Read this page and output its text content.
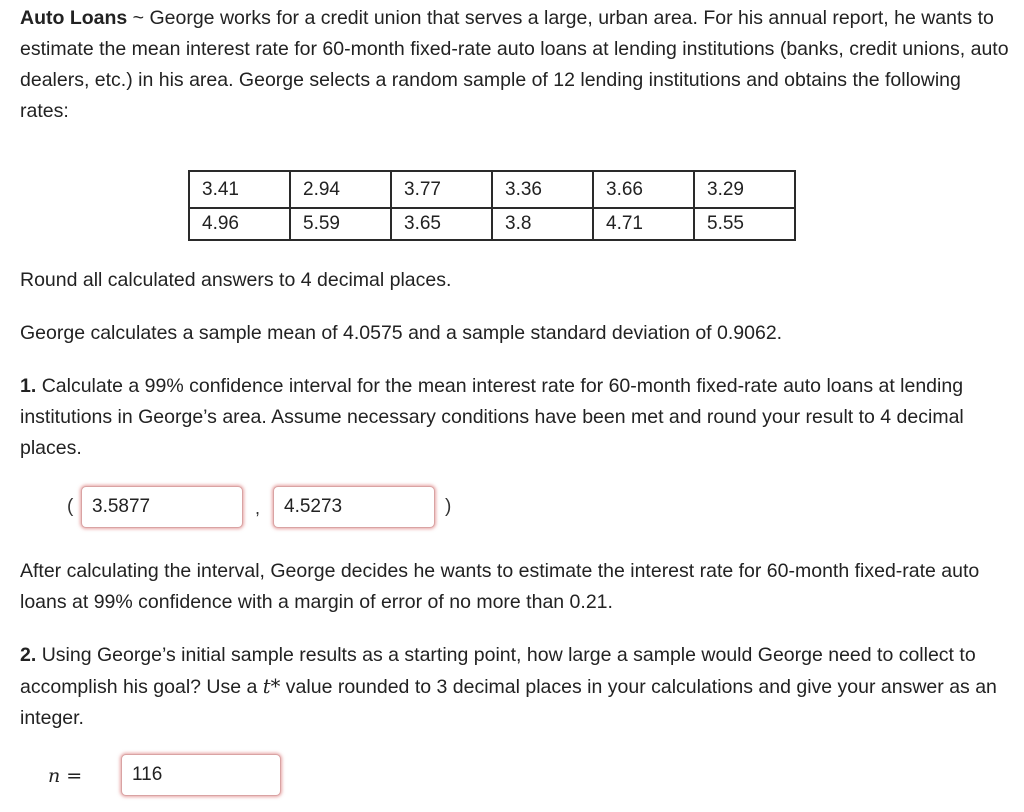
Auto Loans ~ George works for a credit union that serves a large, urban area. For his annual report, he wants to estimate the mean interest rate for 60-month fixed-rate auto loans at lending institutions (banks, credit unions, auto dealers, etc.) in his area. George selects a random sample of 12 lending institutions and obtains the following rates:

3.41	2.94	3.77	3.36	3.66	3.29
4.96	5.59	3.65	3.8	4.71	5.55

Round all calculated answers to 4 decimal places.

George calculates a sample mean of 4.0575 and a sample standard deviation of 0.9062.

1. Calculate a 99% confidence interval for the mean interest rate for 60-month fixed-rate auto loans at lending institutions in George’s area. Assume necessary conditions have been met and round your result to 4 decimal places.

After calculating the interval, George decides he wants to estimate the interest rate for 60-month fixed-rate auto loans at 99% confidence with a margin of error of no more than 0.21.

2. Using George’s initial sample results as a starting point, how large a sample would George need to collect to accomplish his goal? Use a t* value rounded to 3 decimal places in your calculations and give your answer as an integer.

( 3.5877	,	4.5273	)
n =	116
